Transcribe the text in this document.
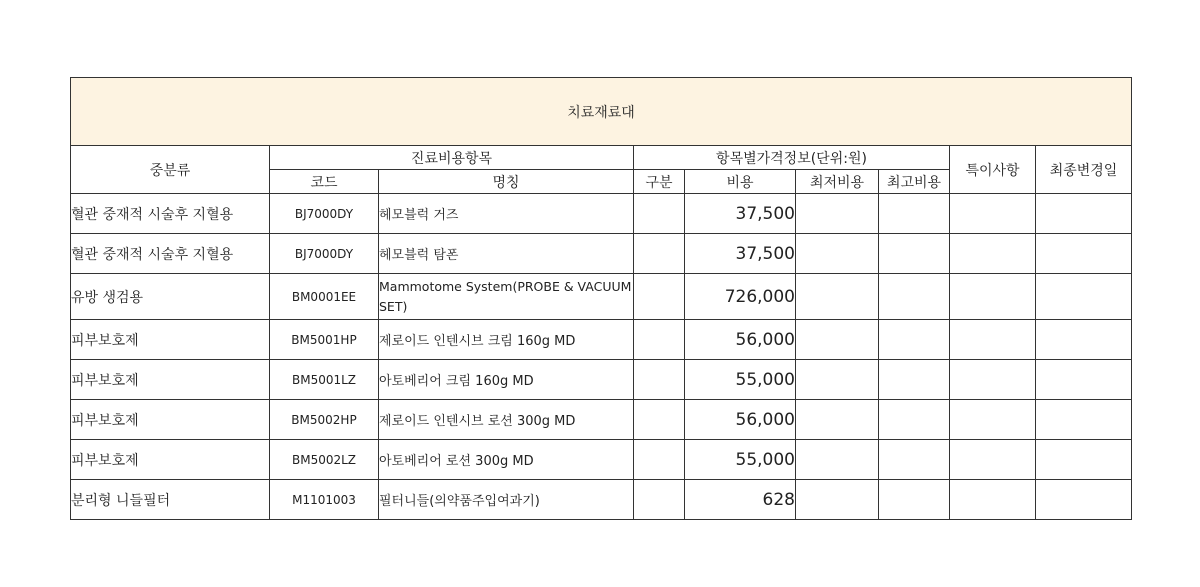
치료재료대								
중분류	진료비용항목		항목별가격정보(단위:원)				특이사항	최종변경일
	코드	명칭	구분	비용	최저비용	최고비용		
혈관 중재적 시술후 지혈용	BJ7000DY	헤모블럭 거즈		37,500				
혈관 중재적 시술후 지혈용	BJ7000DY	헤모블럭 탐폰		37,500				
유방 생검용	BM0001EE	Mammotome System(PROBE & VACUUM SET)		726,000				
피부보호제	BM5001HP	제로이드 인텐시브 크림 160g MD		56,000				
피부보호제	BM5001LZ	아토베리어 크림 160g MD		55,000				
피부보호제	BM5002HP	제로이드 인텐시브 로션 300g MD		56,000				
피부보호제	BM5002LZ	아토베리어 로션 300g MD		55,000				
분리형 니들필터	M1101003	필터니들(의약품주입여과기)		628				
